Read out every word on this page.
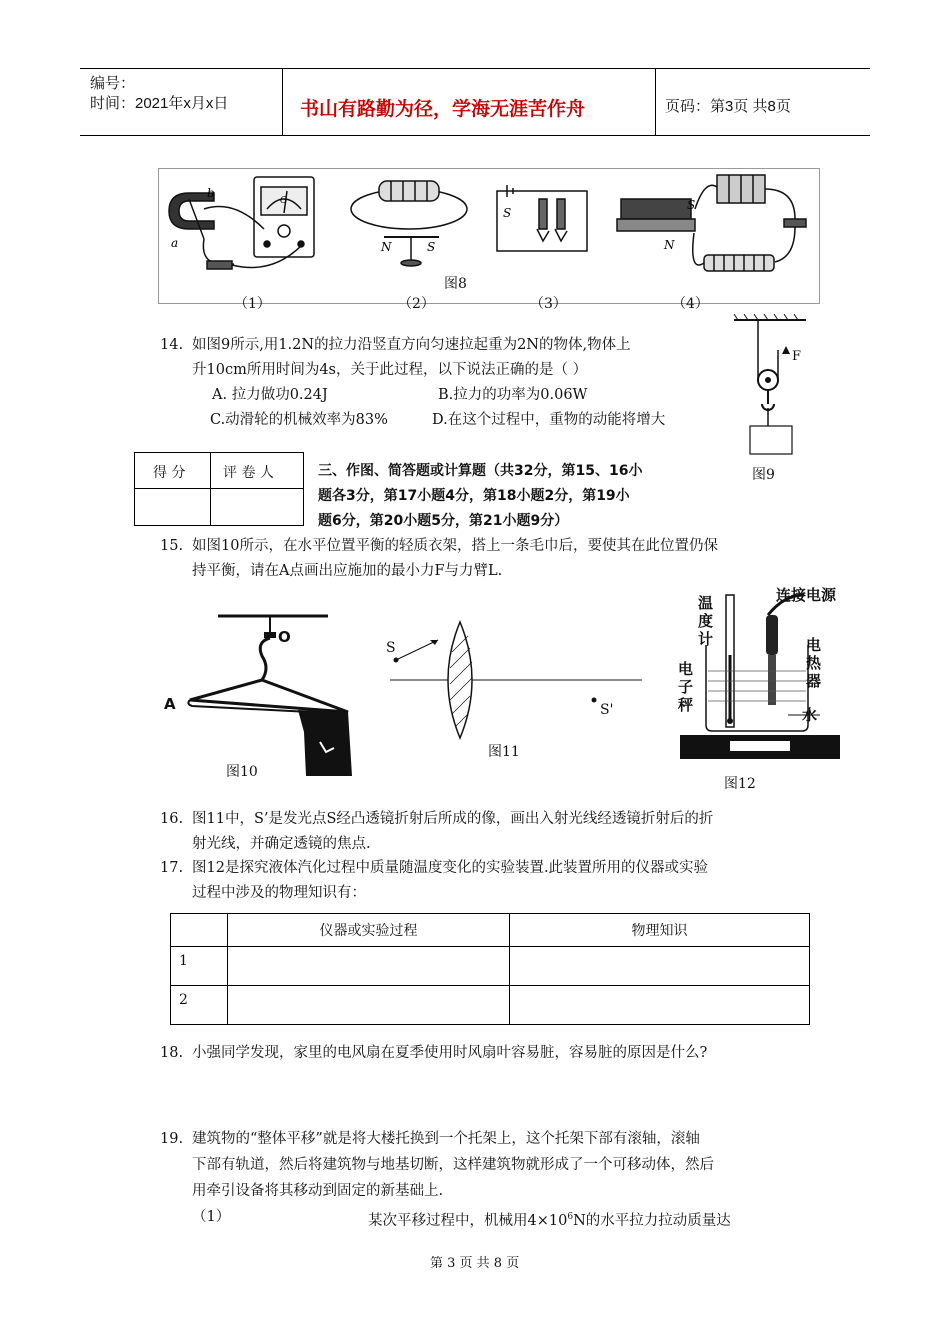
编号：
时间：2021年x月x日	书山有路勤为径，学海无涯苦作舟	页码：第3页 共8页
b
a
G
N	S
S
S
N
图8
（1）	（2）	（3）	（4）
14. 如图9所示,用1.2N的拉力沿竖直方向匀速拉起重为2N的物体,物体上
升10cm所用时间为4s，关于此过程，以下说法正确的是（ ）
A. 拉力做功0.24J	B.拉力的功率为0.06W
C.动滑轮的机械效率为83%	D.在这个过程中，重物的动能将增大
F
图9
得 分	评 卷 人	三、作图、简答题或计算题（共32分，第15、16小
题各3分，第17小题4分，第18小题2分，第19小
题6分，第20小题5分，第21小题9分）
15. 如图10所示，在水平位置平衡的轻质衣架，搭上一条毛巾后，要使其在此位置仍保
持平衡，请在A点画出应施加的最小力F与力臂L.
A
O
图10
S
S'
图11
温度计
连接电源
电热器
电子秤
水
图12
16. 图11中，S’是发光点S经凸透镜折射后所成的像，画出入射光线经透镜折射后的折
射光线，并确定透镜的焦点.
17. 图12是探究液体汽化过程中质量随温度变化的实验装置.此装置所用的仪器或实验
过程中涉及的物理知识有：
	仪器或实验过程	物理知识
1		
2		
18. 小强同学发现，家里的电风扇在夏季使用时风扇叶容易脏，容易脏的原因是什么?
19. 建筑物的“整体平移”就是将大楼托换到一个托架上，这个托架下部有滚轴，滚轴
下部有轨道，然后将建筑物与地基切断，这样建筑物就形成了一个可移动体，然后
用牵引设备将其移动到固定的新基础上.
（1）	某次平移过程中，机械用$4\times 10^6N$的水平拉力拉动质量达
第 3 页 共 8 页
